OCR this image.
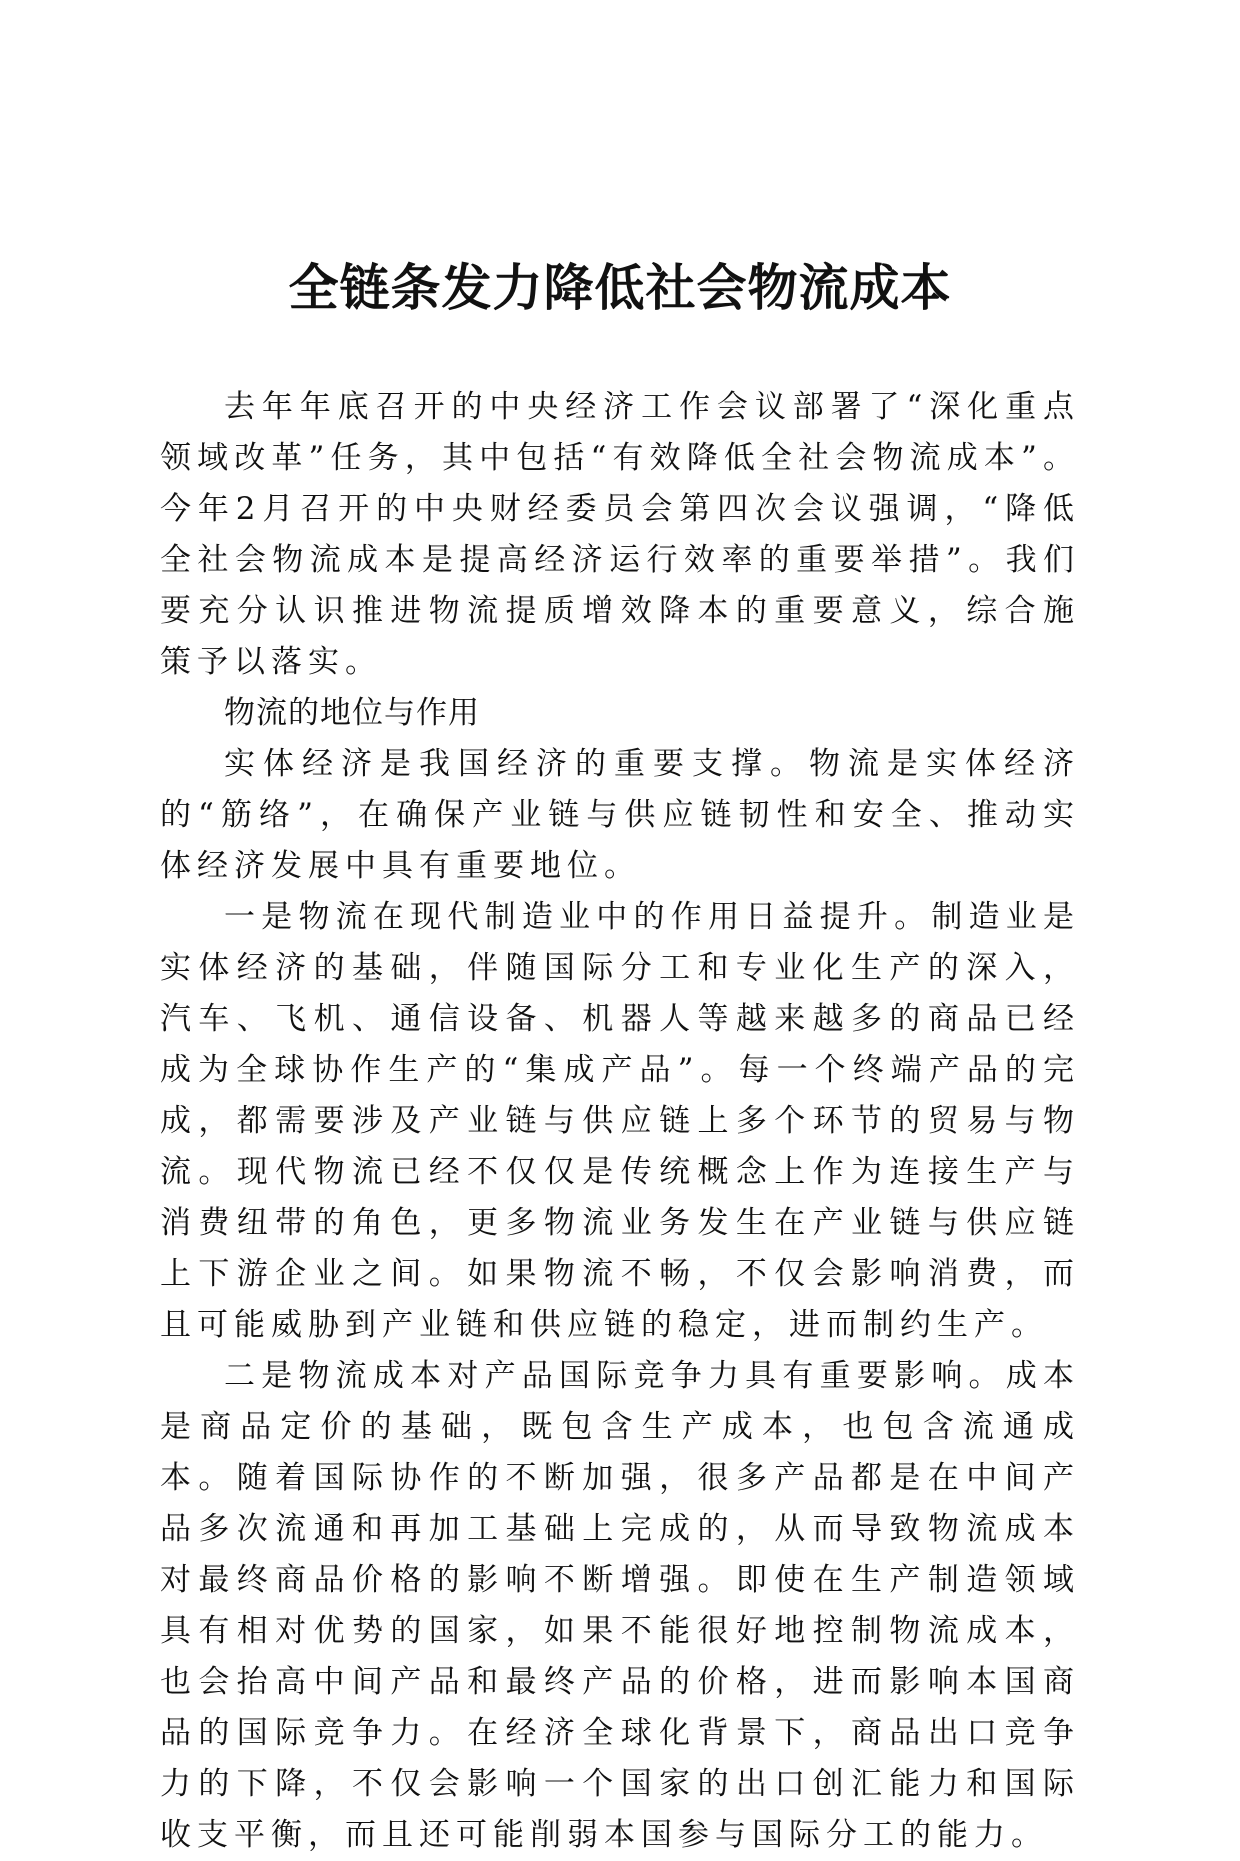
全链条发力降低社会物流成本

去年年底召开的中央经济工作会议部署了“深化重点领域改革”任务，其中包括“有效降低全社会物流成本”。今年2月召开的中央财经委员会第四次会议强调，“降低全社会物流成本是提高经济运行效率的重要举措”。我们要充分认识推进物流提质增效降本的重要意义，综合施策予以落实。

物流的地位与作用

实体经济是我国经济的重要支撑。物流是实体经济的“筋络”，在确保产业链与供应链韧性和安全、推动实体经济发展中具有重要地位。

一是物流在现代制造业中的作用日益提升。制造业是实体经济的基础，伴随国际分工和专业化生产的深入，汽车、飞机、通信设备、机器人等越来越多的商品已经成为全球协作生产的“集成产品”。每一个终端产品的完成，都需要涉及产业链与供应链上多个环节的贸易与物流。现代物流已经不仅仅是传统概念上作为连接生产与消费纽带的角色，更多物流业务发生在产业链与供应链上下游企业之间。如果物流不畅，不仅会影响消费，而且可能威胁到产业链和供应链的稳定，进而制约生产。

二是物流成本对产品国际竞争力具有重要影响。成本是商品定价的基础，既包含生产成本，也包含流通成本。随着国际协作的不断加强，很多产品都是在中间产品多次流通和再加工基础上完成的，从而导致物流成本对最终商品价格的影响不断增强。即使在生产制造领域具有相对优势的国家，如果不能很好地控制物流成本，也会抬高中间产品和最终产品的价格，进而影响本国商品的国际竞争力。在经济全球化背景下，商品出口竞争力的下降，不仅会影响一个国家的出口创汇能力和国际收支平衡，而且还可能削弱本国参与国际分工的能力。
